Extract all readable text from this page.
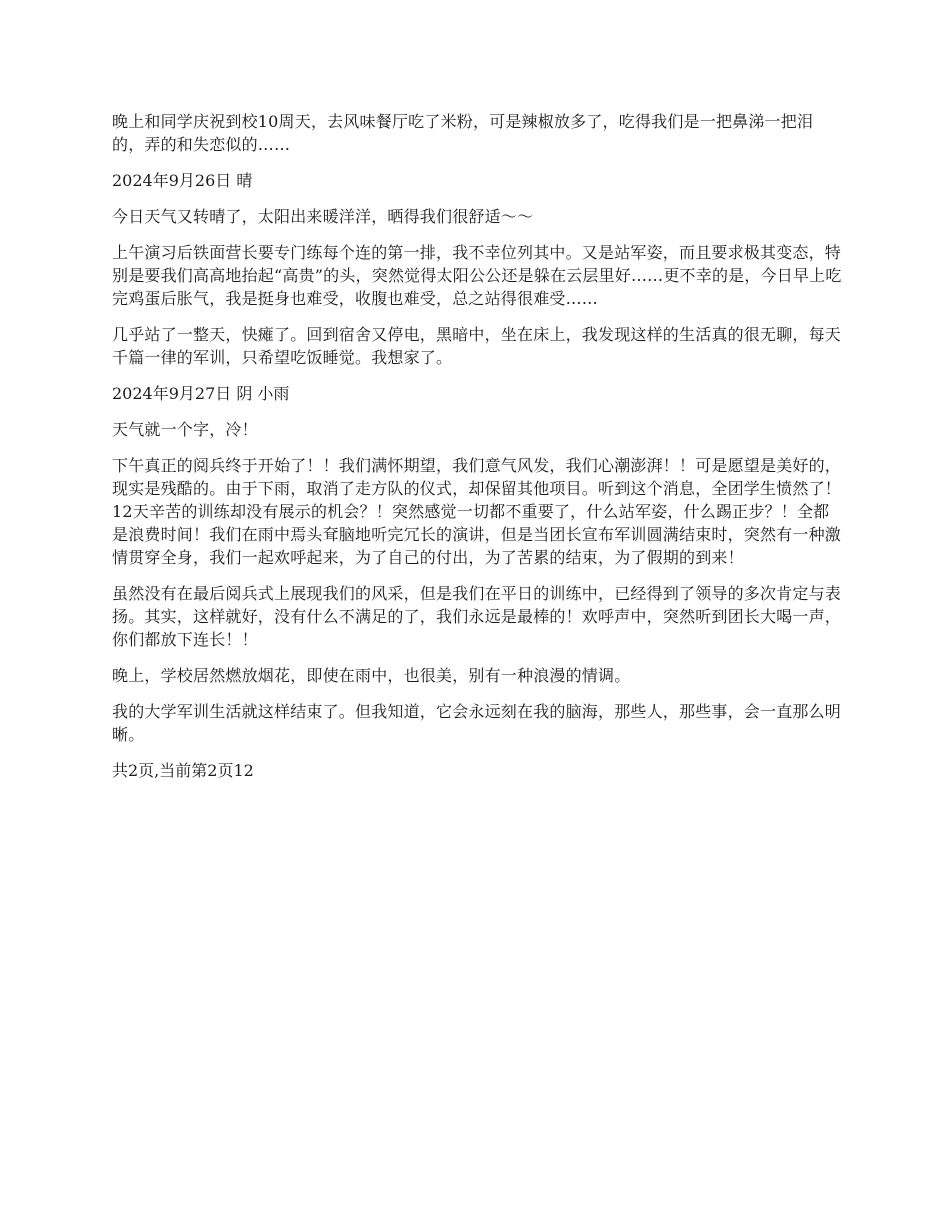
晚上和同学庆祝到校10周天，去风味餐厅吃了米粉，可是辣椒放多了，吃得我们是一把鼻涕一把泪的，弄的和失恋似的……

2024年9月26日 晴

今日天气又转晴了，太阳出来暖洋洋，晒得我们很舒适～～

上午演习后铁面营长要专门练每个连的第一排，我不幸位列其中。又是站军姿，而且要求极其变态，特别是要我们高高地抬起“高贵”的头，突然觉得太阳公公还是躲在云层里好……更不幸的是，今日早上吃完鸡蛋后胀气，我是挺身也难受，收腹也难受，总之站得很难受……

几乎站了一整天，快瘫了。回到宿舍又停电，黑暗中，坐在床上，我发现这样的生活真的很无聊，每天千篇一律的军训，只希望吃饭睡觉。我想家了。

2024年9月27日 阴 小雨

天气就一个字，冷！

下午真正的阅兵终于开始了！！我们满怀期望，我们意气风发，我们心潮澎湃！！可是愿望是美好的，现实是残酷的。由于下雨，取消了走方队的仪式，却保留其他项目。听到这个消息，全团学生愤然了！12天辛苦的训练却没有展示的机会？！突然感觉一切都不重要了，什么站军姿，什么踢正步？！全都是浪费时间！我们在雨中焉头耷脑地听完冗长的演讲，但是当团长宣布军训圆满结束时，突然有一种激情贯穿全身，我们一起欢呼起来，为了自己的付出，为了苦累的结束，为了假期的到来！

虽然没有在最后阅兵式上展现我们的风采，但是我们在平日的训练中，已经得到了领导的多次肯定与表扬。其实，这样就好，没有什么不满足的了，我们永远是最棒的！欢呼声中，突然听到团长大喝一声，你们都放下连长！！

晚上，学校居然燃放烟花，即使在雨中，也很美，别有一种浪漫的情调。

我的大学军训生活就这样结束了。但我知道，它会永远刻在我的脑海，那些人，那些事，会一直那么明晰。

共2页,当前第2页12
